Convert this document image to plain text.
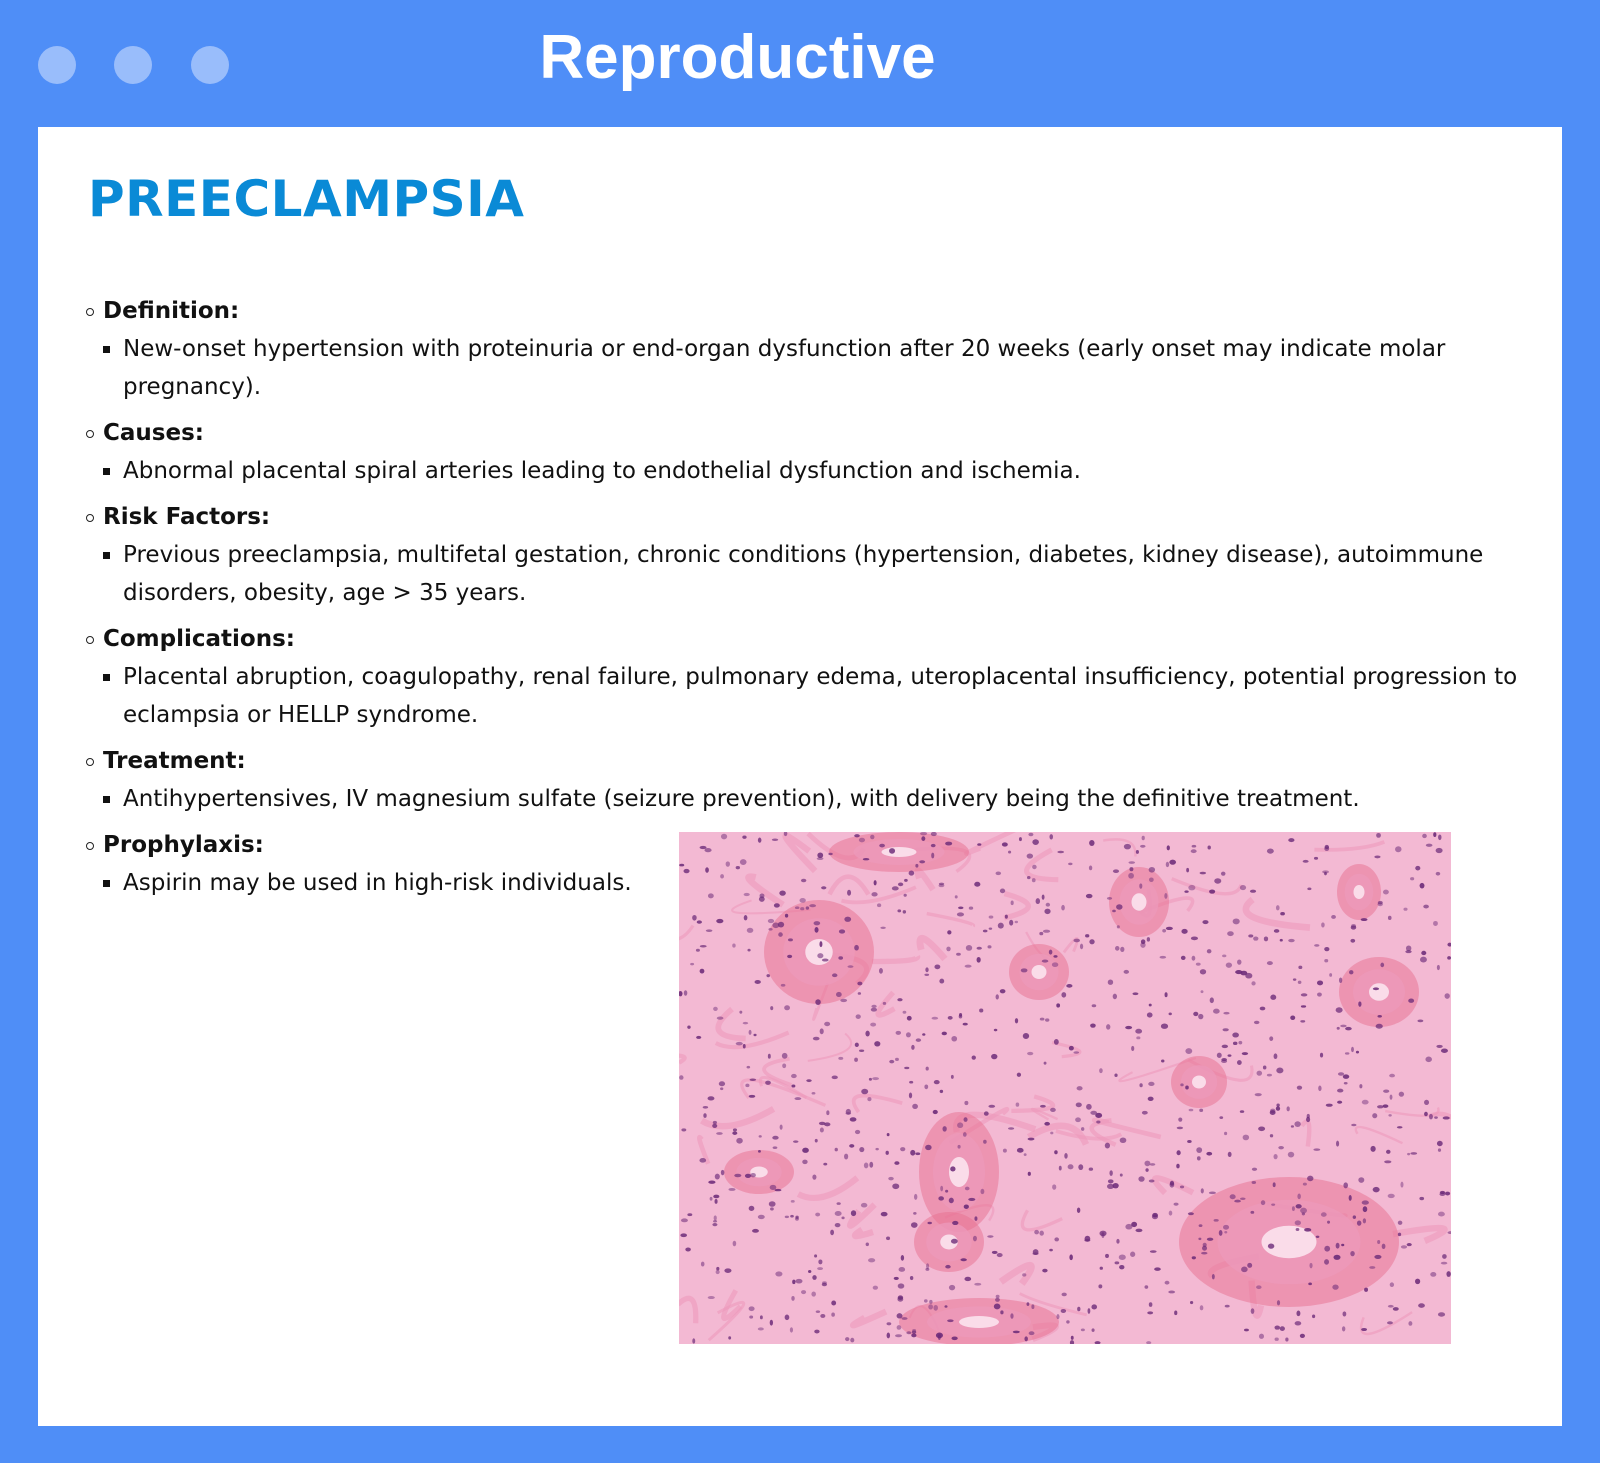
Reproductive
PREECLAMPSIA
Definition:
New-onset hypertension with proteinuria or end-organ dysfunction after 20 weeks (early onset may indicate molar pregnancy).
Causes:
Abnormal placental spiral arteries leading to endothelial dysfunction and ischemia.
Risk Factors:
Previous preeclampsia, multifetal gestation, chronic conditions (hypertension, diabetes, kidney disease), autoimmune disorders, obesity, age > 35 years.
Complications:
Placental abruption, coagulopathy, renal failure, pulmonary edema, uteroplacental insufficiency, potential progression to eclampsia or HELLP syndrome.
Treatment:
Antihypertensives, IV magnesium sulfate (seizure prevention), with delivery being the definitive treatment.
Prophylaxis:
Aspirin may be used in high-risk individuals.
